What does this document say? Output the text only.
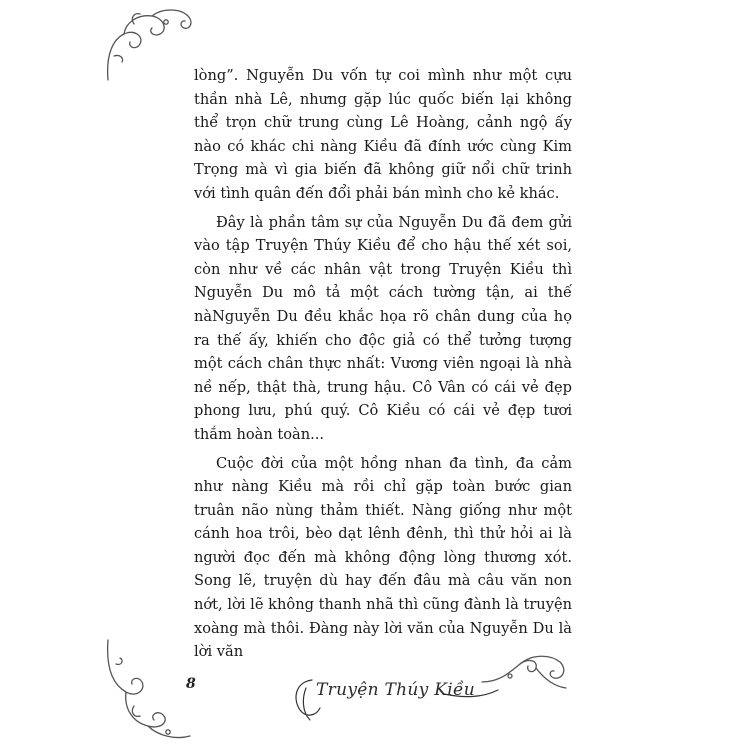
lòng”. Nguyễn Du vốn tự coi mình như một cựu thần nhà Lê, nhưng gặp lúc quốc biến lại không thể trọn chữ trung cùng Lê Hoàng, cảnh ngộ ấy nào có khác chi nàng Kiều đã đính ước cùng Kim Trọng mà vì gia biến đã không giữ nổi chữ trinh với tình quân đến đổi phải bán mình cho kẻ khác.

Đây là phần tâm sự của Nguyễn Du đã đem gửi vào tập Truyện Thúy Kiều để cho hậu thế xét soi, còn như về các nhân vật trong Truyện Kiều thì Nguyễn Du mô tả một cách tường tận, ai thế nàNguyễn Du đều khắc họa rõ chân dung của họ ra thế ấy, khiến cho độc giả có thể tưởng tượng một cách chân thực nhất: Vương viên ngoại là nhà nề nếp, thật thà, trung hậu. Cô Vân có cái vẻ đẹp phong lưu, phú quý. Cô Kiều có cái vẻ đẹp tươi thắm hoàn toàn...

Cuộc đời của một hồng nhan đa tình, đa cảm như nàng Kiều mà rồi chỉ gặp toàn bước gian truân não nùng thảm thiết. Nàng giống như một cánh hoa trôi, bèo dạt lênh đênh, thì thử hỏi ai là người đọc đến mà không động lòng thương xót. Song lẽ, truyện dù hay đến đâu mà câu văn non nớt, lời lẽ không thanh nhã thì cũng đành là truyện xoàng mà thôi. Đàng này lời văn của Nguyễn Du là lời văn

8	Truyện Thúy Kiều
